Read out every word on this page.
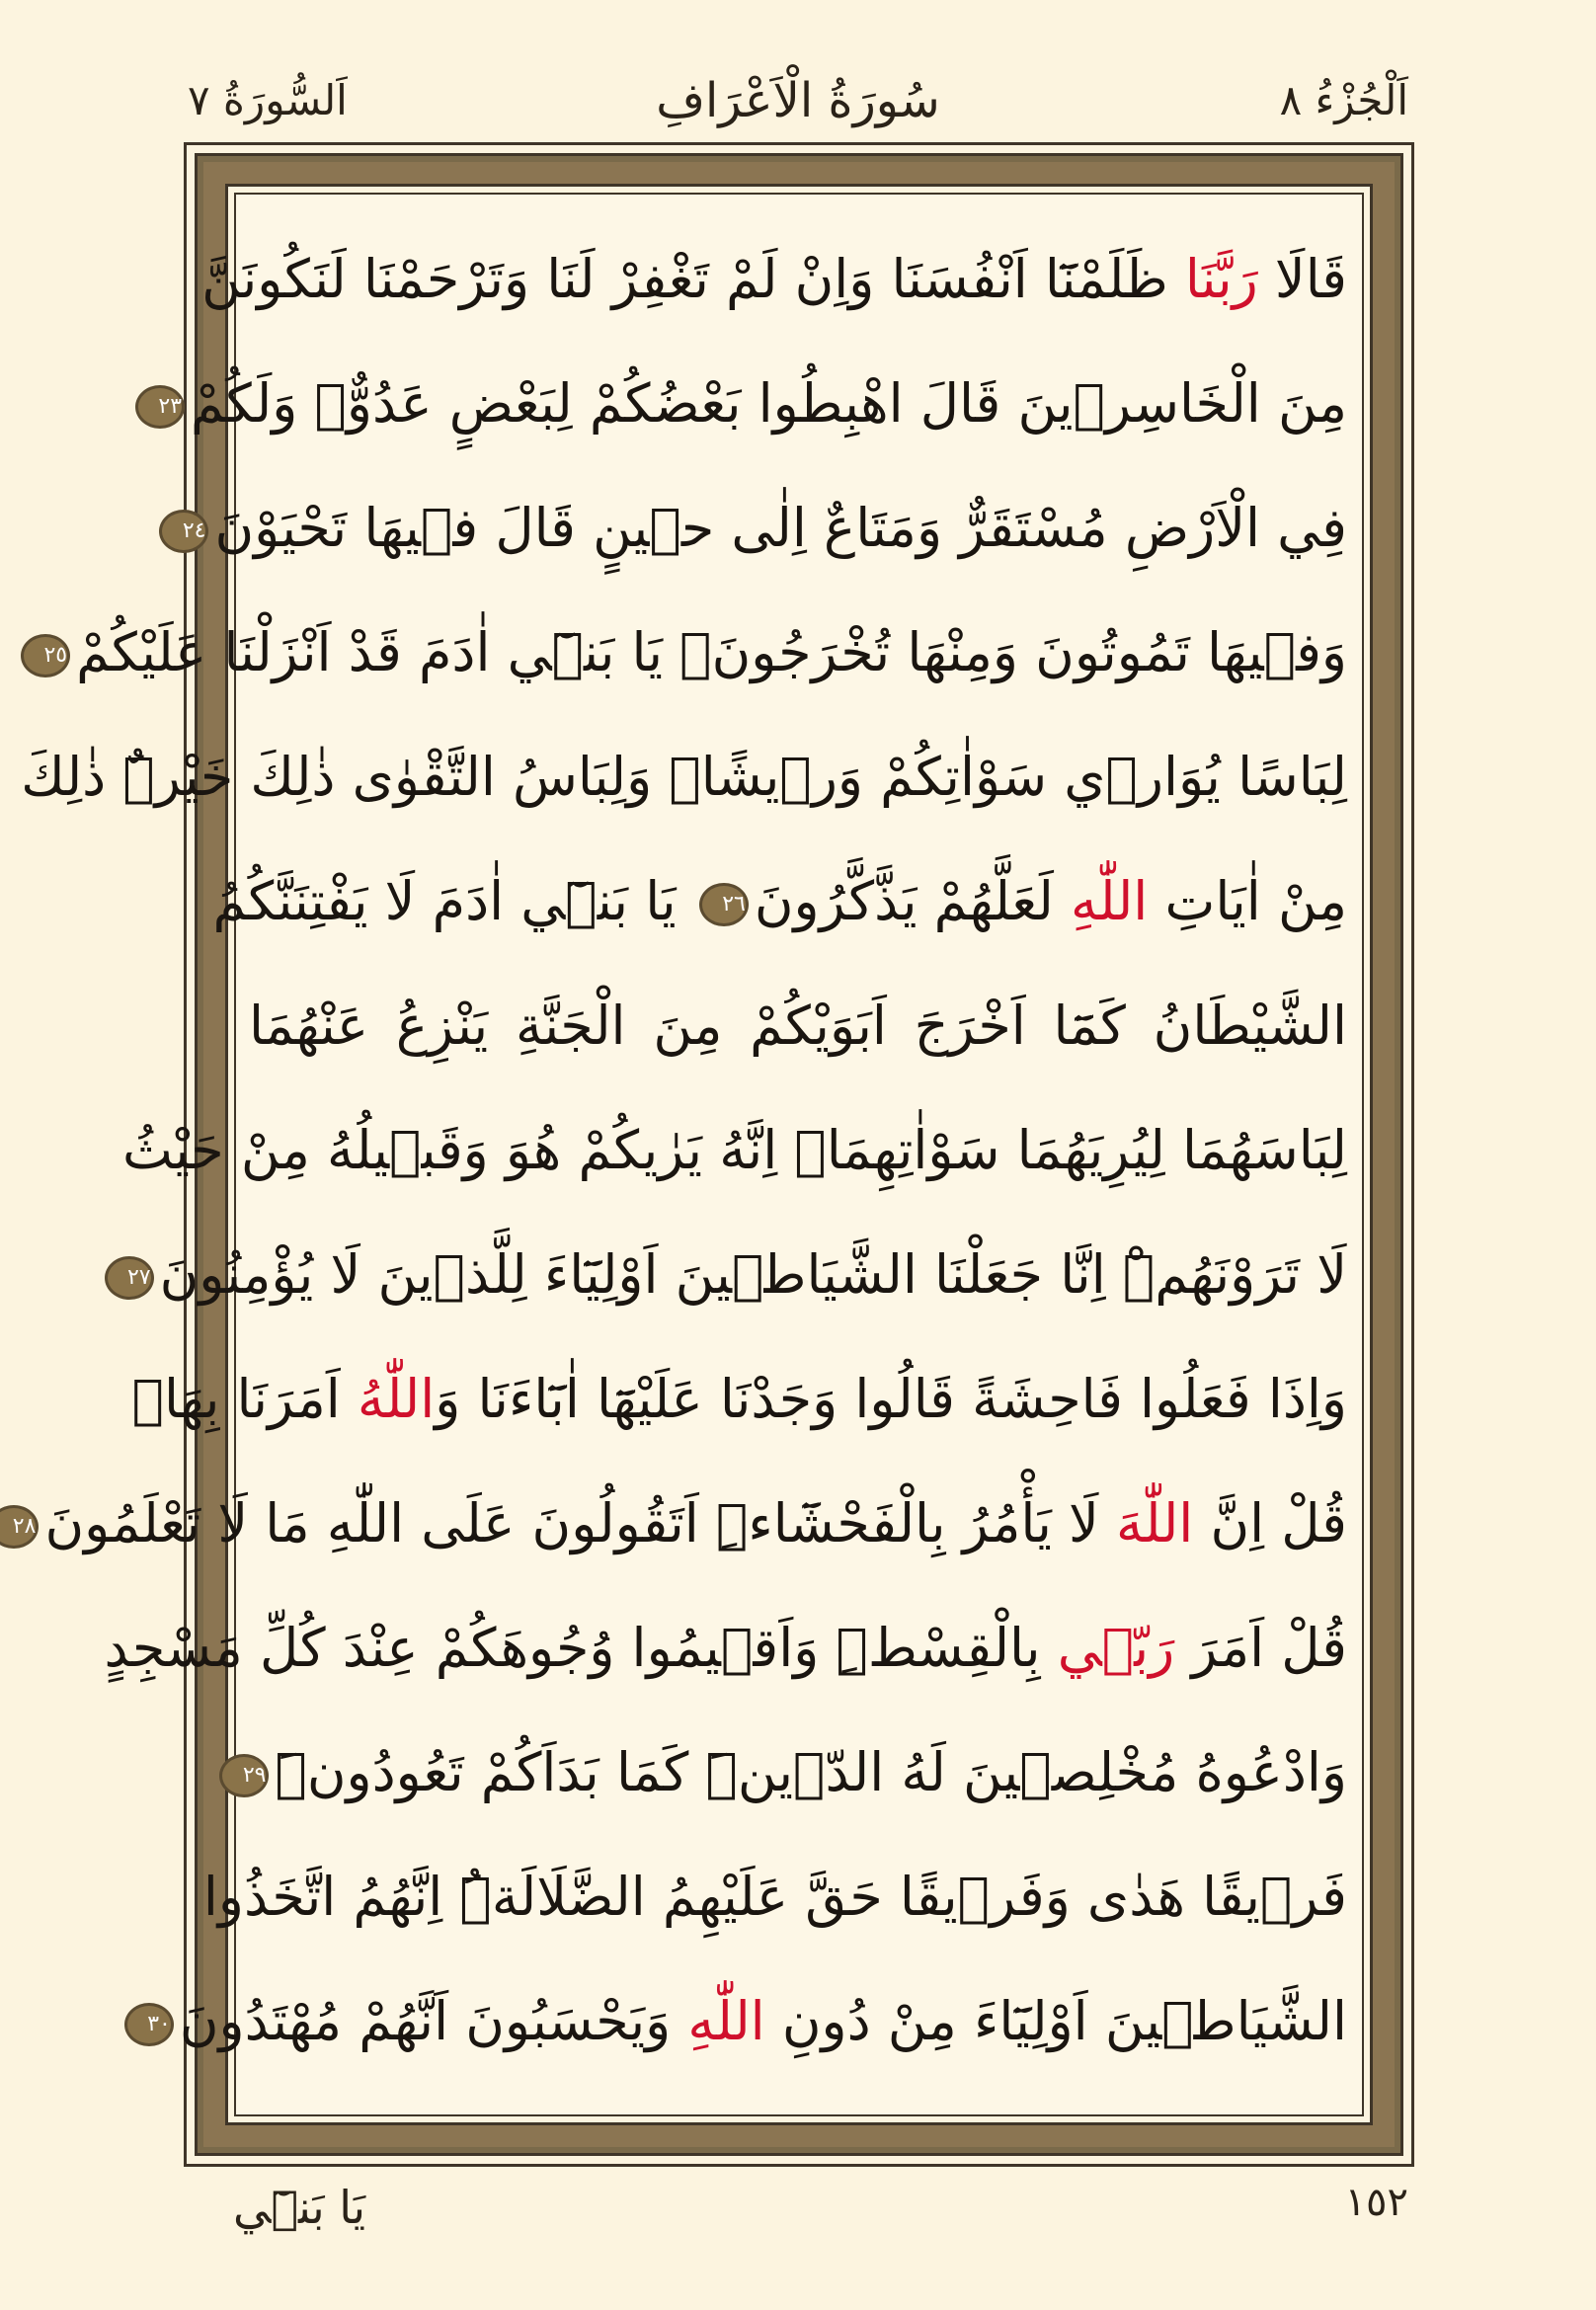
اَلْجُزْءُ ٨
سُورَةُ الْاَعْرَافِ
اَلسُّورَةُ ٧
قَالَا رَبَّنَا ظَلَمْنَٓا اَنْفُسَنَا وَاِنْ لَمْ تَغْفِرْ لَنَا وَتَرْحَمْنَا لَنَكُونَنَّ
مِنَ الْخَاسِر۪ينَ قَالَ اهْبِطُوا بَعْضُكُمْ لِبَعْضٍ عَدُوٌّۚ وَلَكُمْ٢٣
فِي الْاَرْضِ مُسْتَقَرٌّ وَمَتَاعٌ اِلٰى ح۪ينٍ قَالَ ف۪يهَا تَحْيَوْنَ٢٤
وَف۪يهَا تَمُوتُونَ وَمِنْهَا تُخْرَجُونَ۟ يَا بَن۪ٓي اٰدَمَ قَدْ اَنْزَلْنَا عَلَيْكُمْ٢٥
لِبَاسًا يُوَارٖي سَوْاٰتِكُمْ وَر۪يشًاۜ وَلِبَاسُ التَّقْوٰى ذٰلِكَ خَيْرٌۜ ذٰلِكَ
مِنْ اٰيَاتِ اللّٰهِ لَعَلَّهُمْ يَذَّكَّرُونَ٢٦ يَا بَن۪ٓي اٰدَمَ لَا يَفْتِنَنَّكُمُ
الشَّيْطَانُ كَمَٓا اَخْرَجَ اَبَوَيْكُمْ مِنَ الْجَنَّةِ يَنْزِعُ عَنْهُمَا
لِبَاسَهُمَا لِيُرِيَهُمَا سَوْاٰتِهِمَاۜ اِنَّهُ يَرٰيكُمْ هُوَ وَقَب۪يلُهُ مِنْ حَيْثُ
لَا تَرَوْنَهُمْۜ اِنَّا جَعَلْنَا الشَّيَاط۪ينَ اَوْلِيَٓاءَ لِلَّذ۪ينَ لَا يُؤْمِنُونَ٢٧
وَاِذَا فَعَلُوا فَاحِشَةً قَالُوا وَجَدْنَا عَلَيْهَٓا اٰبَٓاءَنَا وَاللّٰهُ اَمَرَنَا بِهَاۜ
قُلْ اِنَّ اللّٰهَ لَا يَأْمُرُ بِالْفَحْشَٓاءِۜ اَتَقُولُونَ عَلَى اللّٰهِ مَا لَا تَعْلَمُونَ٢٨
قُلْ اَمَرَ رَبّ۪ي بِالْقِسْطِۜ وَاَق۪يمُوا وُجُوهَكُمْ عِنْدَ كُلِّ مَسْجِدٍ
وَادْعُوهُ مُخْلِص۪ينَ لَهُ الدّ۪ينَۜ كَمَا بَدَاَكُمْ تَعُودُونَۜ٢٩
فَر۪يقًا هَدٰى وَفَر۪يقًا حَقَّ عَلَيْهِمُ الضَّلَالَةُۜ اِنَّهُمُ اتَّخَذُوا
الشَّيَاط۪ينَ اَوْلِيَٓاءَ مِنْ دُونِ اللّٰهِ وَيَحْسَبُونَ اَنَّهُمْ مُهْتَدُونَ٣٠
١٥٢
يَا بَن۪ٓي
